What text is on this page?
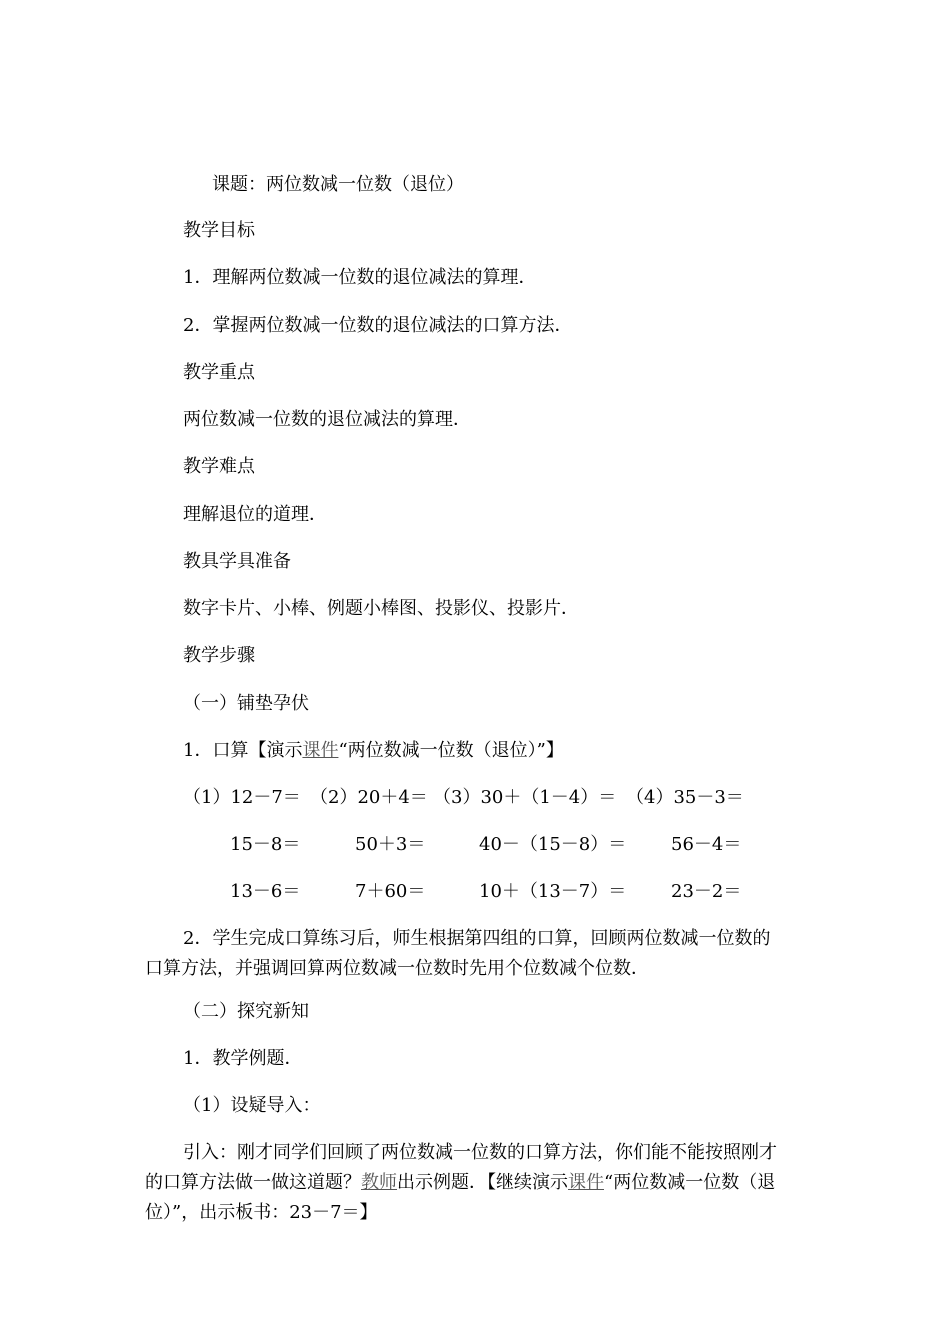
课题：两位数减一位数（退位）
教学目标
1．理解两位数减一位数的退位减法的算理．
2．掌握两位数减一位数的退位减法的口算方法．
教学重点
两位数减一位数的退位减法的算理．
教学难点
理解退位的道理．
教具学具准备
数字卡片、小棒、例题小棒图、投影仪、投影片．
教学步骤
（一）铺垫孕伏
1．口算【演示课件“两位数减一位数（退位）”】
（1）12－7＝ （2）20＋4＝ （3）30＋（1－4）＝ （4）35－3＝
15－8＝	50＋3＝	40－（15－8）＝ 56－4＝
13－6＝	7＋60＝	10＋（13－7）＝ 23－2＝
2．学生完成口算练习后，师生根据第四组的口算，回顾两位数减一位数的口算方法，并强调回算两位数减一位数时先用个位数减个位数．
（二）探究新知
1．教学例题．
（1）设疑导入：
引入：刚才同学们回顾了两位数减一位数的口算方法，你们能不能按照刚才的口算方法做一做这道题？教师出示例题．【继续演示课件“两位数减一位数（退位）”，出示板书：23－7＝】
